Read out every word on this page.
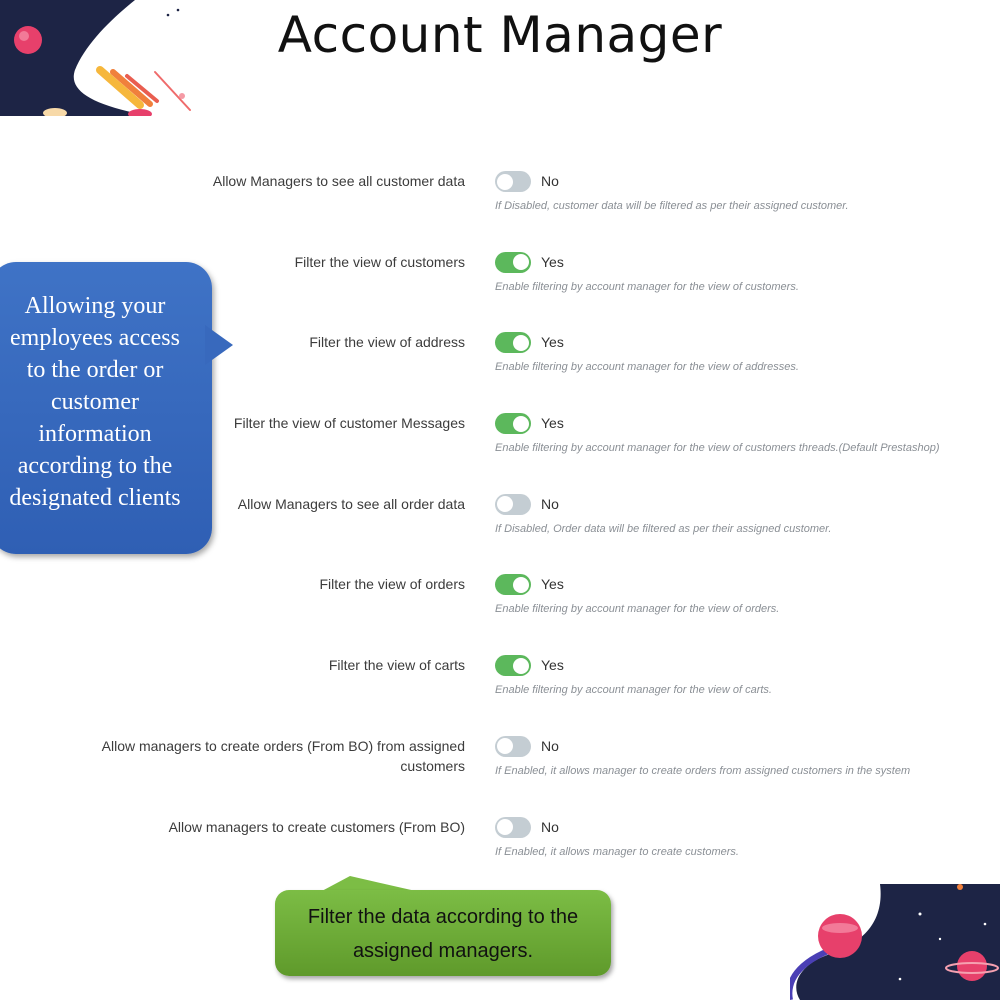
Account Manager
Allow Managers to see all customer data	No
If Disabled, customer data will be filtered as per their assigned customer.
Filter the view of customers	Yes
Enable filtering by account manager for the view of customers.
Filter the view of address	Yes
Enable filtering by account manager for the view of addresses.
Filter the view of customer Messages	Yes
Enable filtering by account manager for the view of customers threads.(Default Prestashop)
Allow Managers to see all order data	No
If Disabled, Order data will be filtered as per their assigned customer.
Filter the view of orders	Yes
Enable filtering by account manager for the view of orders.
Filter the view of carts	Yes
Enable filtering by account manager for the view of carts.
Allow managers to create orders (From BO) from assigned customers
No
If Enabled, it allows manager to create orders from assigned customers in the system
Allow managers to create customers (From BO)	No
If Enabled, it allows manager to create customers.
Allowing your employees access to the order or customer information according to the designated clients
Filter the data according to the assigned managers.
